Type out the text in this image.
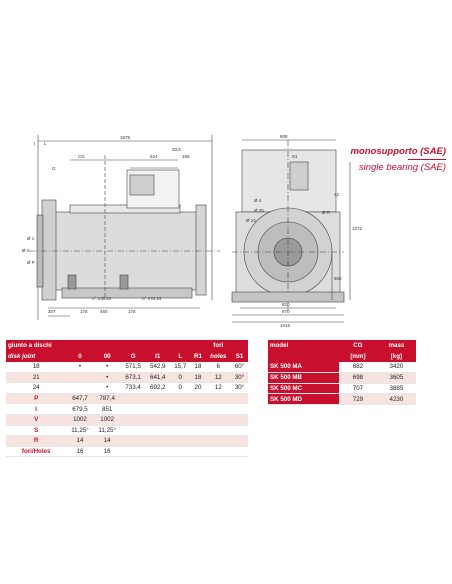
1578
624
20,5
155
CG
307	175	460	175
n° 4 Ø 33	n° 4 M 24
Ø 1
Ø S
Ø P
I L
G
808
S1
Ø 4
Ø 25	Ø R
500
1272
820
970
1016
42
Ø 14
monosupporto (SAE)
single bearing (SAE)
giunto a dischi							fori	
disk joint	0	00	G	I1	L	R1	holes	S1
18	•	•	571,5	542,9	15,7	18	6	60°
21		•	673,1	641,4	0	18	12	30°
24		•	733,4	692,2	0	20	12	30°
P	647,7	787,4						
I	679,5	851						
V	1002	1002						
S	11,25°	11,25°						
R	14	14						
fori/Holes	16	16						
model	CG	mass
	[mm]	[kg]
SK 500 MA	682	3420
SK 500 MB	698	3605
SK 500 MC	707	3885
SK 500 MD	729	4230
